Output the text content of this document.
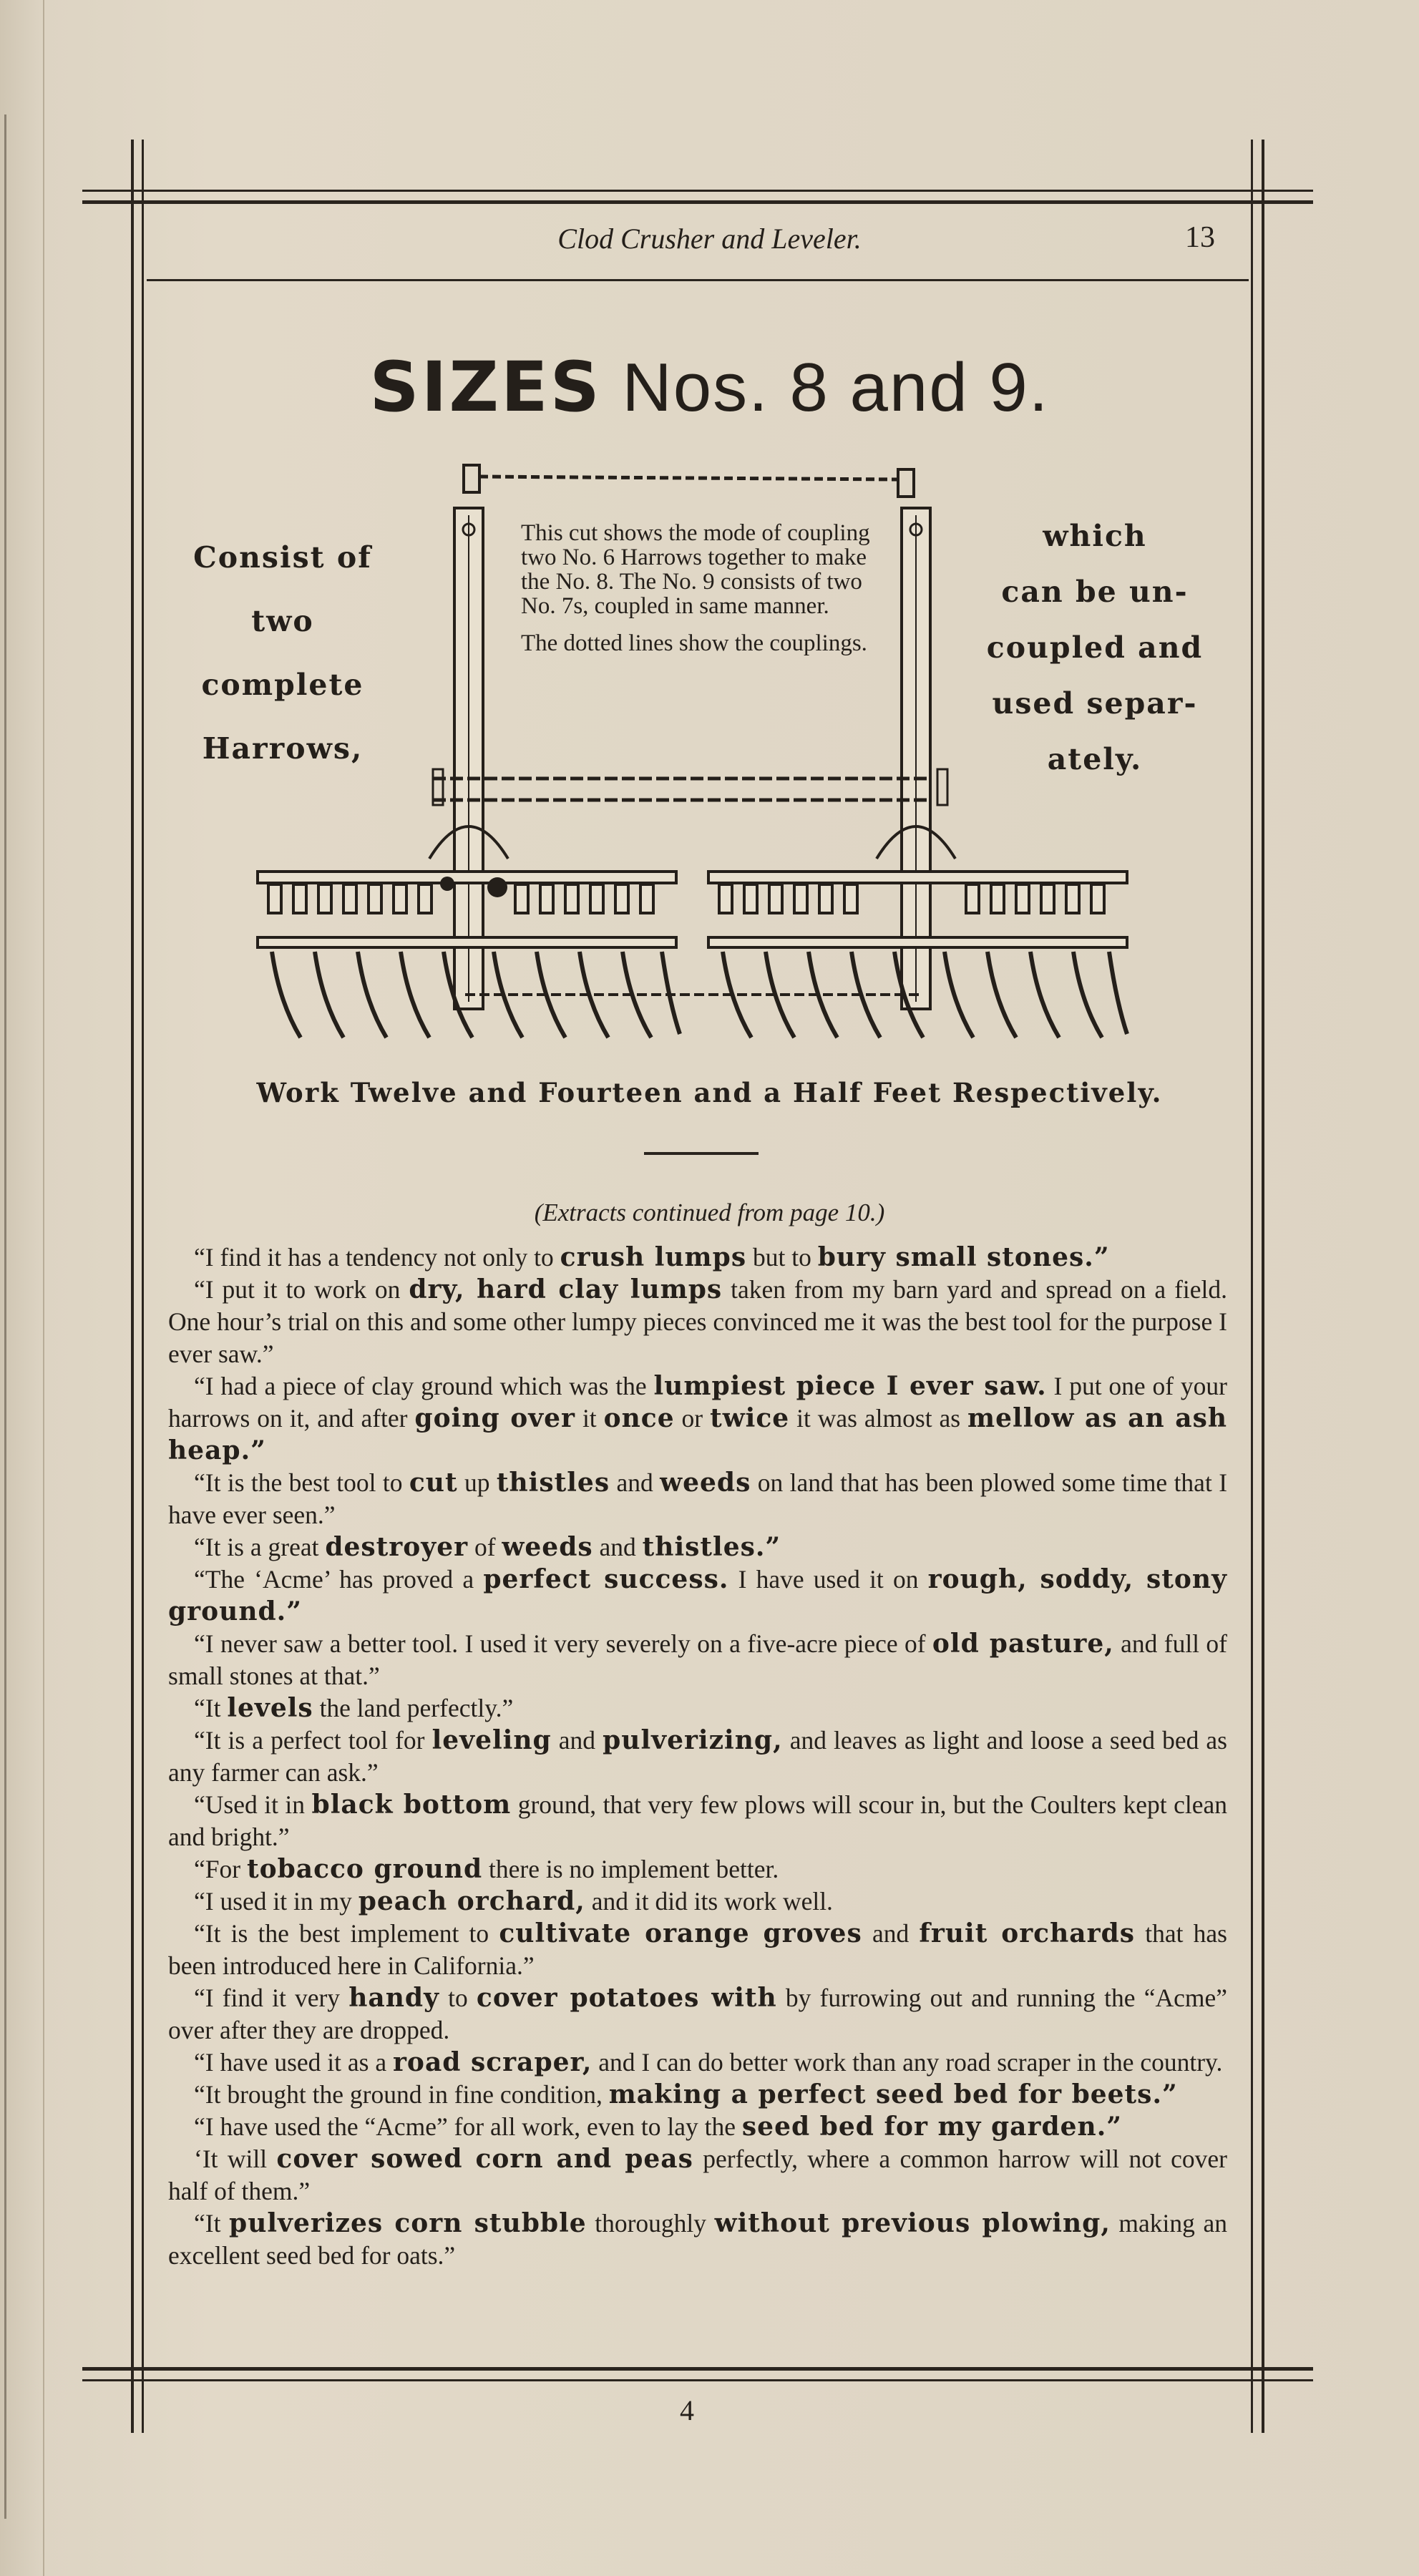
Clod Crusher and Leveler.	13
SIZES Nos. 8 and 9.

This cut shows the mode of coupling two No. 6 Harrows together to make the No. 8. The No. 9 consists of two No. 7s, coupled in same manner.

The dotted lines show the couplings.

Consist of
two
complete
Harrows,
which
can be un-
coupled and
used separ-
ately.
Work Twelve and Fourteen and a Half Feet Respectively.
(Extracts continued from page 10.)

“I find it has a tendency not only to crush lumps but to bury small stones.”

“I put it to work on dry, hard clay lumps taken from my barn yard and spread on a field. One hour’s trial on this and some other lumpy pieces convinced me it was the best tool for the purpose I ever saw.”

“I had a piece of clay ground which was the lumpiest piece I ever saw. I put one of your harrows on it, and after going over it once or twice it was almost as mellow as an ash heap.”

“It is the best tool to cut up thistles and weeds on land that has been plowed some time that I have ever seen.”

“It is a great destroyer of weeds and thistles.”

“The ‘Acme’ has proved a perfect success. I have used it on rough, soddy, stony ground.”

“I never saw a better tool. I used it very severely on a five-acre piece of old pasture, and full of small stones at that.”

“It levels the land perfectly.”

“It is a perfect tool for leveling and pulverizing, and leaves as light and loose a seed bed as any farmer can ask.”

“Used it in black bottom ground, that very few plows will scour in, but the Coulters kept clean and bright.”

“For tobacco ground there is no implement better.

“I used it in my peach orchard, and it did its work well.

“It is the best implement to cultivate orange groves and fruit orchards that has been introduced here in California.”

“I find it very handy to cover potatoes with by furrowing out and running the “Acme” over after they are dropped.

“I have used it as a road scraper, and I can do better work than any road scraper in the country.

“It brought the ground in fine condition, making a perfect seed bed for beets.”

“I have used the “Acme” for all work, even to lay the seed bed for my garden.”

‘It will cover sowed corn and peas perfectly, where a common harrow will not cover half of them.”

“It pulverizes corn stubble thoroughly without previous plowing, making an excellent seed bed for oats.”

4
